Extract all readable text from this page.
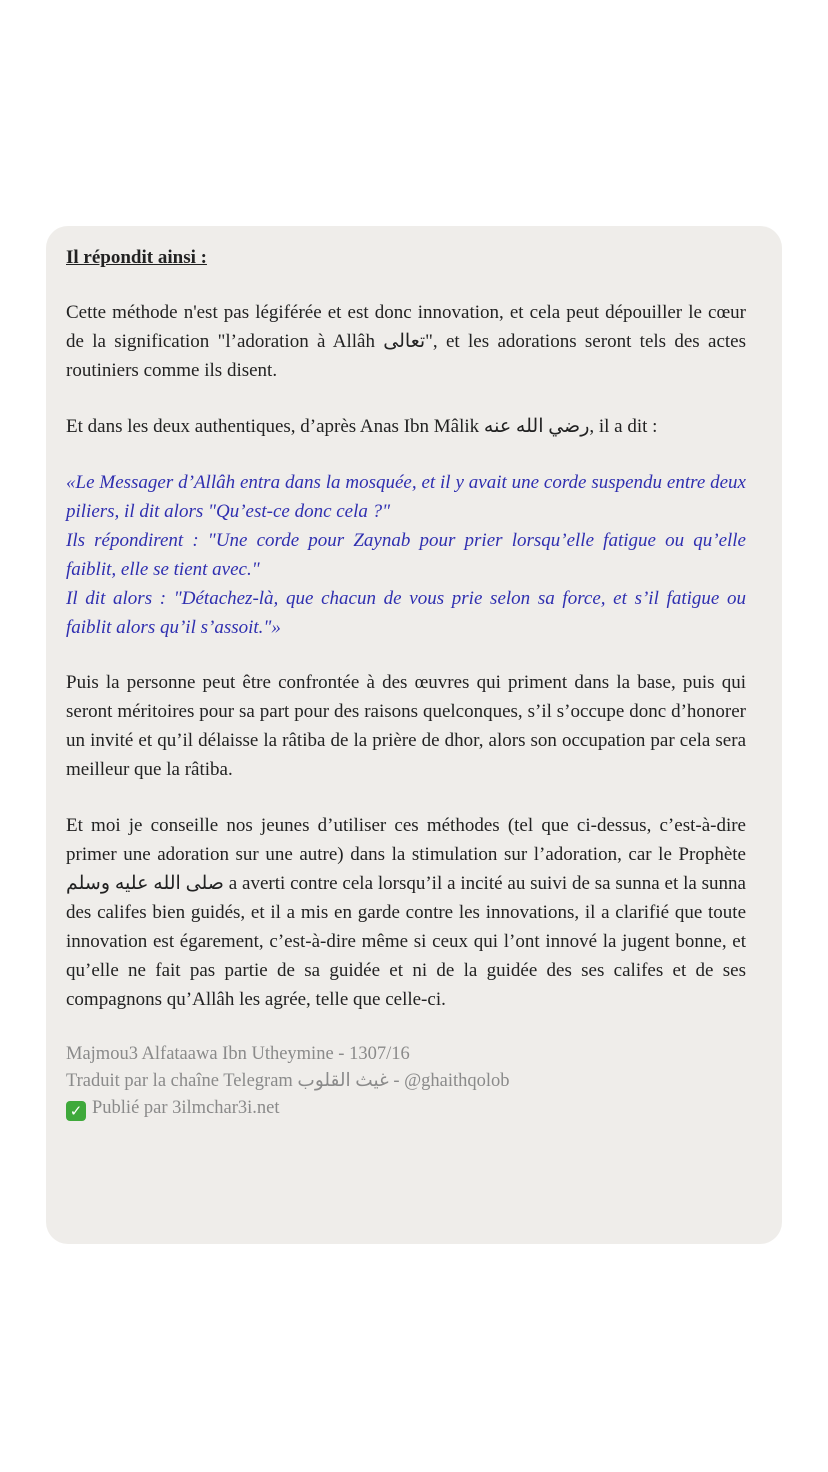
Il répondit ainsi :

Cette méthode n'est pas légiférée et est donc innovation, et cela peut dépouiller le cœur de la signification "l’adoration à Allâh تعالى", et les adorations seront tels des actes routiniers comme ils disent.

Et dans les deux authentiques, d’après Anas Ibn Mâlik رضي الله عنه, il a dit :

«Le Messager d’Allâh entra dans la mosquée, et il y avait une corde suspendu entre deux piliers, il dit alors "Qu’est-ce donc cela ?"
Ils répondirent : "Une corde pour Zaynab pour prier lorsqu’elle fatigue ou qu’elle faiblit, elle se tient avec."
Il dit alors : "Détachez-là, que chacun de vous prie selon sa force, et s’il fatigue ou faiblit alors qu’il s’assoit."»

Puis la personne peut être confrontée à des œuvres qui priment dans la base, puis qui seront méritoires pour sa part pour des raisons quelconques, s’il s’occupe donc d’honorer un invité et qu’il délaisse la râtiba de la prière de dhor, alors son occupation par cela sera meilleur que la râtiba.

Et moi je conseille nos jeunes d’utiliser ces méthodes (tel que ci-dessus, c’est-à-dire primer une adoration sur une autre) dans la stimulation sur l’adoration, car le Prophète صلى الله عليه وسلم a averti contre cela lorsqu’il a incité au suivi de sa sunna et la sunna des califes bien guidés, et il a mis en garde contre les innovations, il a clarifié que toute innovation est égarement, c’est-à-dire même si ceux qui l’ont innové la jugent bonne, et qu’elle ne fait pas partie de sa guidée et ni de la guidée des ses califes et de ses compagnons qu’Allâh les agrée, telle que celle-ci.

Majmou3 Alfataawa Ibn Utheymine - 1307/16
Traduit par la chaîne Telegram غيث القلوب - @ghaithqolob
✓ Publié par 3ilmchar3i.net
